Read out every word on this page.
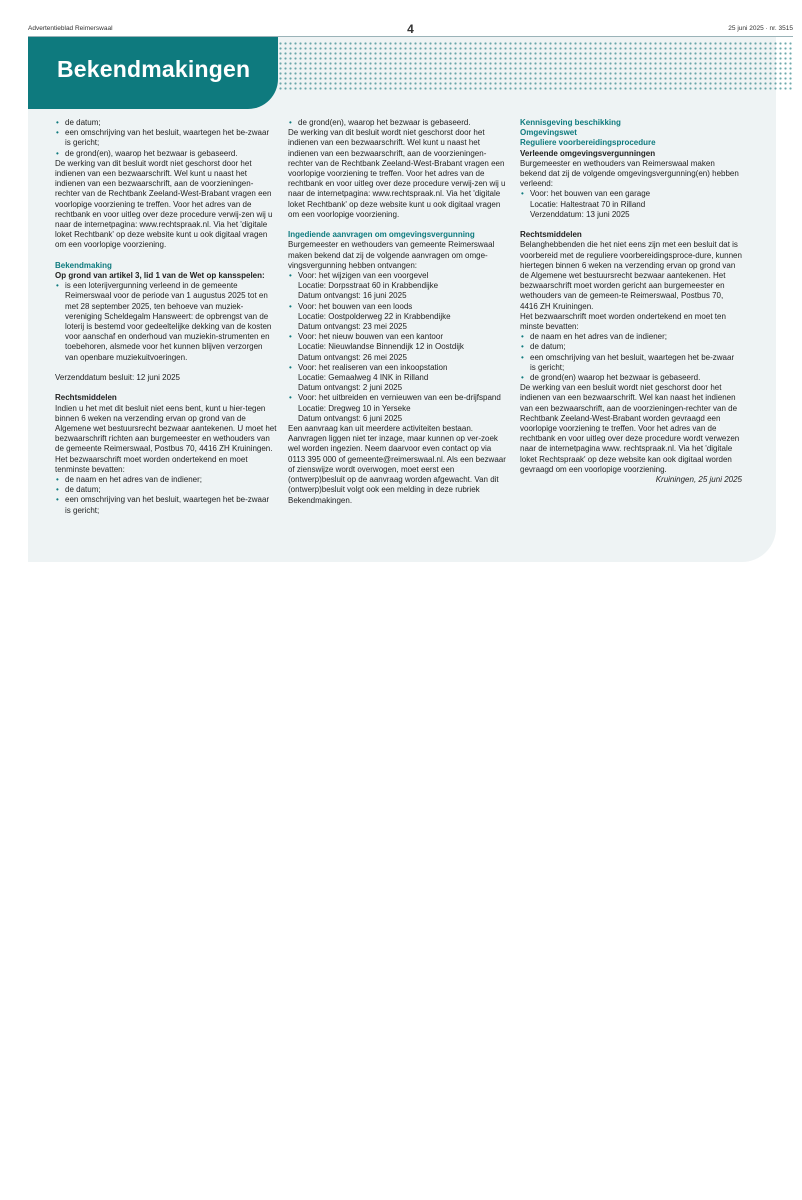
Advertentieblad Reimerswaal	4	25 juni 2025 · nr. 3515
Bekendmakingen
• de datum;
• een omschrijving van het besluit, waartegen het be-zwaar is gericht;
• de grond(en), waarop het bezwaar is gebaseerd.

De werking van dit besluit wordt niet geschorst door het indienen van een bezwaarschrift. Wel kunt u naast het indienen van een bezwaarschrift, aan de voorzieningen-rechter van de Rechtbank Zeeland-West-Brabant vragen een voorlopige voorziening te treffen. Voor het adres van de rechtbank en voor uitleg over deze procedure verwij-zen wij u naar de internetpagina: www.rechtspraak.nl. Via het 'digitale loket Rechtbank' op deze website kunt u ook digitaal vragen om een voorlopige voorziening.

Bekendmaking

Op grond van artikel 3, lid 1 van de Wet op kansspelen:

• is een loterijvergunning verleend in de gemeente Reimerswaal voor de periode van 1 augustus 2025 tot en met 28 september 2025, ten behoeve van muziek-vereniging Scheldegalm Hansweert: de opbrengst van de loterij is bestemd voor gedeeltelijke dekking van de kosten voor aanschaf en onderhoud van muziekin-strumenten en toebehoren, alsmede voor het kunnen blijven verzorgen van openbare muziekuitvoeringen.

Verzenddatum besluit: 12 juni 2025

Rechtsmiddelen

Indien u het met dit besluit niet eens bent, kunt u hier-tegen binnen 6 weken na verzending ervan op grond van de Algemene wet bestuursrecht bezwaar aantekenen. U moet het bezwaarschrift richten aan burgemeester en wethouders van de gemeente Reimerswaal, Postbus 70, 4416 ZH Kruiningen.

Het bezwaarschrift moet worden ondertekend en moet tenminste bevatten:

• de naam en het adres van de indiener;
• de datum;
• een omschrijving van het besluit, waartegen het be-zwaar is gericht;
• de grond(en), waarop het bezwaar is gebaseerd.

De werking van dit besluit wordt niet geschorst door het indienen van een bezwaarschrift. Wel kunt u naast het indienen van een bezwaarschrift, aan de voorzieningen-rechter van de Rechtbank Zeeland-West-Brabant vragen een voorlopige voorziening te treffen. Voor het adres van de rechtbank en voor uitleg over deze procedure verwij-zen wij u naar de internetpagina: www.rechtspraak.nl. Via het 'digitale loket Rechtbank' op deze website kunt u ook digitaal vragen om een voorlopige voorziening.

Ingediende aanvragen om omgevingsvergunning

Burgemeester en wethouders van gemeente Reimerswaal maken bekend dat zij de volgende aanvragen om omge-vingsvergunning hebben ontvangen:

• Voor: het wijzigen van een voorgevel
Locatie: Dorpsstraat 60 in Krabbendijke
Datum ontvangst: 16 juni 2025
• Voor: het bouwen van een loods
Locatie: Oostpolderweg 22 in Krabbendijke
Datum ontvangst: 23 mei 2025
• Voor: het nieuw bouwen van een kantoor
Locatie: Nieuwlandse Binnendijk 12 in Oostdijk
Datum ontvangst: 26 mei 2025
• Voor: het realiseren van een inkoopstation
Locatie: Gemaalweg 4 INK in Rilland
Datum ontvangst: 2 juni 2025
• Voor: het uitbreiden en vernieuwen van een be-drijfspand
Locatie: Dregweg 10 in Yerseke
Datum ontvangst: 6 juni 2025

Een aanvraag kan uit meerdere activiteiten bestaan. Aanvragen liggen niet ter inzage, maar kunnen op ver-zoek wel worden ingezien. Neem daarvoor even contact op via 0113 395 000 of gemeente@reimerswaal.nl. Als een bezwaar of zienswijze wordt overwogen, moet eerst een (ontwerp)besluit op de aanvraag worden afgewacht. Van dit (ontwerp)besluit volgt ook een melding in deze rubriek Bekendmakingen.

Kennisgeving beschikking

Omgevingswet

Reguliere voorbereidingsprocedure

Verleende omgevingsvergunningen

Burgemeester en wethouders van Reimerswaal maken bekend dat zij de volgende omgevingsvergunning(en) hebben verleend:

• Voor: het bouwen van een garage
Locatie: Haltestraat 70 in Rilland
Verzenddatum: 13 juni 2025

Rechtsmiddelen

Belanghebbenden die het niet eens zijn met een besluit dat is voorbereid met de reguliere voorbereidingsproce-dure, kunnen hiertegen binnen 6 weken na verzending ervan op grond van de Algemene wet bestuursrecht bezwaar aantekenen. Het bezwaarschrift moet worden gericht aan burgemeester en wethouders van de gemeen-te Reimerswaal, Postbus 70, 4416 ZH Kruiningen.

Het bezwaarschrift moet worden ondertekend en moet ten minste bevatten:

• de naam en het adres van de indiener;
• de datum;
• een omschrijving van het besluit, waartegen het be-zwaar is gericht;
• de grond(en) waarop het bezwaar is gebaseerd.

De werking van een besluit wordt niet geschorst door het indienen van een bezwaarschrift. Wel kan naast het indienen van een bezwaarschrift, aan de voorzieningen-rechter van de Rechtbank Zeeland-West-Brabant worden gevraagd een voorlopige voorziening te treffen. Voor het adres van de rechtbank en voor uitleg over deze procedure wordt verwezen naar de internetpagina www. rechtspraak.nl. Via het 'digitale loket Rechtspraak' op deze website kan ook digitaal worden gevraagd om een voorlopige voorziening.

Kruiningen, 25 juni 2025
